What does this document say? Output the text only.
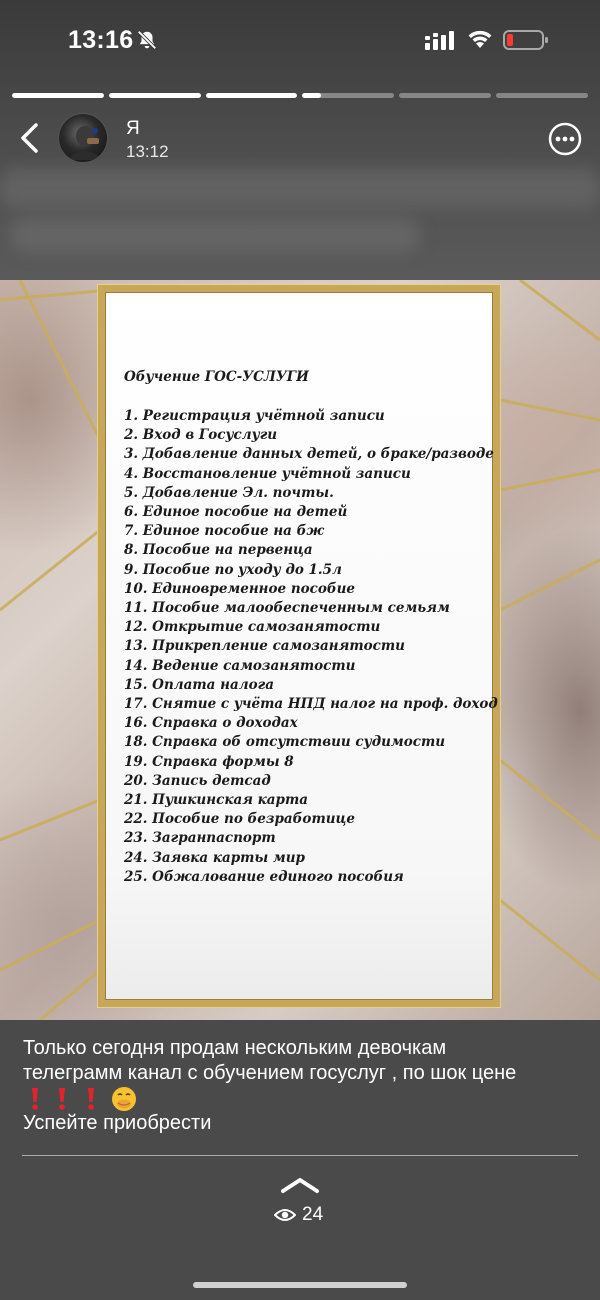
13:16
Я
13:12
Обучение ГОС-УСЛУГИ
1. Регистрация учётной записи
2. Вход в Госуслуги
3. Добавление данных детей, о браке/разводе
4. Восстановление учётной записи
5. Добавление Эл. почты.
6. Единое пособие на детей
7. Единое пособие на бж
8. Пособие на первенца
9. Пособие по уходу до 1.5л
10. Единовременное пособие
11. Пособие малообеспеченным семьям
12. Открытие самозанятости
13. Прикрепление самозанятости
14. Ведение самозанятости
15. Оплата налога
17. Снятие с учёта НПД налог на проф. доход
16. Справка о доходах
18. Справка об отсутствии судимости
19. Справка формы 8
20. Запись детсад
21. Пушкинская карта
22. Пособие по безработице
23. Загранпаспорт
24. Заявка карты мир
25. Обжалование единого пособия
Только сегодня продам нескольким девочкам
телеграмм канал с обучением госуслуг , по шок цене
Успейте приобрести
24
